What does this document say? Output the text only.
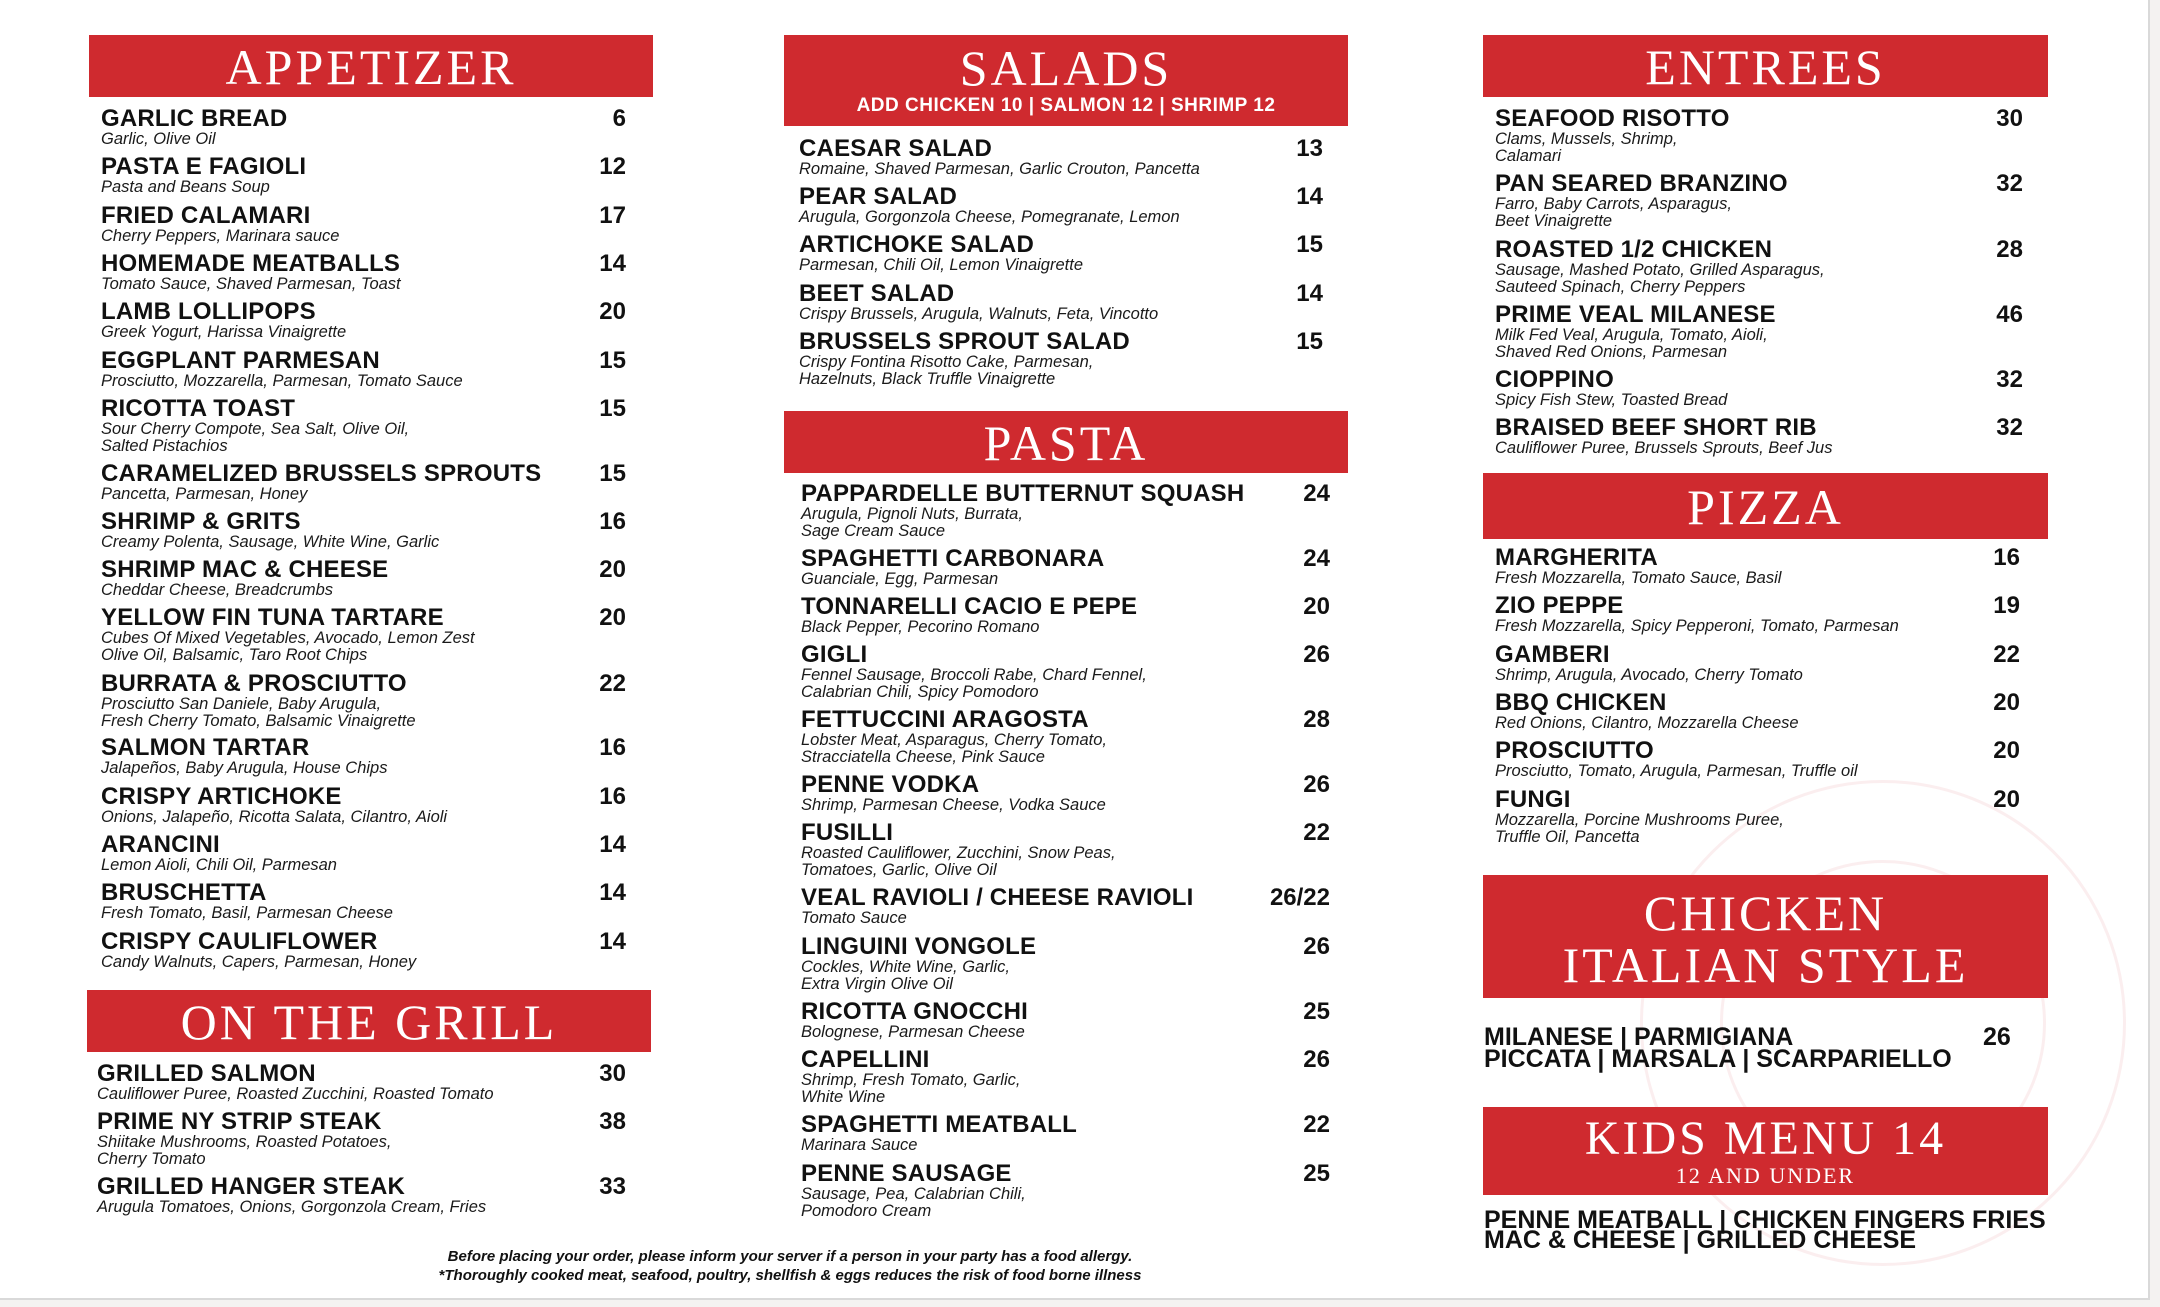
APPETIZER
GARLIC BREAD
Garlic, Olive Oil
6
PASTA E FAGIOLI
Pasta and Beans Soup
12
FRIED CALAMARI
Cherry Peppers, Marinara sauce
17
HOMEMADE MEATBALLS
Tomato Sauce, Shaved Parmesan, Toast
14
LAMB LOLLIPOPS
Greek Yogurt, Harissa Vinaigrette
20
EGGPLANT PARMESAN
Prosciutto, Mozzarella, Parmesan, Tomato Sauce
15
RICOTTA TOAST
Sour Cherry Compote, Sea Salt, Olive Oil,
Salted Pistachios
15
CARAMELIZED BRUSSELS SPROUTS
Pancetta, Parmesan, Honey
15
SHRIMP & GRITS
Creamy Polenta, Sausage, White Wine, Garlic
16
SHRIMP MAC & CHEESE
Cheddar Cheese, Breadcrumbs
20
YELLOW FIN TUNA TARTARE
Cubes Of Mixed Vegetables, Avocado, Lemon Zest
Olive Oil, Balsamic, Taro Root Chips
20
BURRATA & PROSCIUTTO
Prosciutto San Daniele, Baby Arugula,
Fresh Cherry Tomato, Balsamic Vinaigrette
22
SALMON TARTAR
Jalapeños, Baby Arugula, House Chips
16
CRISPY ARTICHOKE
Onions, Jalapeño, Ricotta Salata, Cilantro, Aioli
16
ARANCINI
Lemon Aioli, Chili Oil, Parmesan
14
BRUSCHETTA
Fresh Tomato, Basil, Parmesan Cheese
14
CRISPY CAULIFLOWER
Candy Walnuts, Capers, Parmesan, Honey
14
ON THE GRILL
GRILLED SALMON
Cauliflower Puree, Roasted Zucchini, Roasted Tomato
30
PRIME NY STRIP STEAK
Shiitake Mushrooms, Roasted Potatoes,
Cherry Tomato
38
GRILLED HANGER STEAK
Arugula Tomatoes, Onions, Gorgonzola Cream, Fries
33
SALADS
ADD CHICKEN 10 | SALMON 12 | SHRIMP 12
CAESAR SALAD
Romaine, Shaved Parmesan, Garlic Crouton, Pancetta
13
PEAR SALAD
Arugula, Gorgonzola Cheese, Pomegranate, Lemon
14
ARTICHOKE SALAD
Parmesan, Chili Oil, Lemon Vinaigrette
15
BEET SALAD
Crispy Brussels, Arugula, Walnuts, Feta, Vincotto
14
BRUSSELS SPROUT SALAD
Crispy Fontina Risotto Cake, Parmesan,
Hazelnuts, Black Truffle Vinaigrette
15
PASTA
PAPPARDELLE BUTTERNUT SQUASH
Arugula, Pignoli Nuts, Burrata,
Sage Cream Sauce
24
SPAGHETTI CARBONARA
Guanciale, Egg, Parmesan
24
TONNARELLI CACIO E PEPE
Black Pepper, Pecorino Romano
20
GIGLI
Fennel Sausage, Broccoli Rabe, Chard Fennel,
Calabrian Chili, Spicy Pomodoro
26
FETTUCCINI ARAGOSTA
Lobster Meat, Asparagus, Cherry Tomato,
Stracciatella Cheese, Pink Sauce
28
PENNE VODKA
Shrimp, Parmesan Cheese, Vodka Sauce
26
FUSILLI
Roasted Cauliflower, Zucchini, Snow Peas,
Tomatoes, Garlic, Olive Oil
22
VEAL RAVIOLI / CHEESE RAVIOLI
Tomato Sauce
26/22
LINGUINI VONGOLE
Cockles, White Wine, Garlic,
Extra Virgin Olive Oil
26
RICOTTA GNOCCHI
Bolognese, Parmesan Cheese
25
CAPELLINI
Shrimp, Fresh Tomato, Garlic,
White Wine
26
SPAGHETTI MEATBALL
Marinara Sauce
22
PENNE SAUSAGE
Sausage, Pea, Calabrian Chili,
Pomodoro Cream
25
Before placing your order, please inform your server if a person in your party has a food allergy.
*Thoroughly cooked meat, seafood, poultry, shellfish & eggs reduces the risk of food borne illness
ENTREES
SEAFOOD RISOTTO
Clams, Mussels, Shrimp,
Calamari
30
PAN SEARED BRANZINO
Farro, Baby Carrots, Asparagus,
Beet Vinaigrette
32
ROASTED 1/2 CHICKEN
Sausage, Mashed Potato, Grilled Asparagus,
Sauteed Spinach, Cherry Peppers
28
PRIME VEAL MILANESE
Milk Fed Veal, Arugula, Tomato, Aioli,
Shaved Red Onions, Parmesan
46
CIOPPINO
Spicy Fish Stew, Toasted Bread
32
BRAISED BEEF SHORT RIB
Cauliflower Puree, Brussels Sprouts, Beef Jus
32
PIZZA
MARGHERITA
Fresh Mozzarella, Tomato Sauce, Basil
16
ZIO PEPPE
Fresh Mozzarella, Spicy Pepperoni, Tomato, Parmesan
19
GAMBERI
Shrimp, Arugula, Avocado, Cherry Tomato
22
BBQ CHICKEN
Red Onions, Cilantro, Mozzarella Cheese
20
PROSCIUTTO
Prosciutto, Tomato, Arugula, Parmesan, Truffle oil
20
FUNGI
Mozzarella, Porcine Mushrooms Puree,
Truffle Oil, Pancetta
20
CHICKEN
ITALIAN STYLE
MILANESE | PARMIGIANA	26
PICCATA | MARSALA | SCARPARIELLO
KIDS MENU 14
12 AND UNDER
PENNE MEATBALL | CHICKEN FINGERS FRIES
MAC & CHEESE | GRILLED CHEESE
